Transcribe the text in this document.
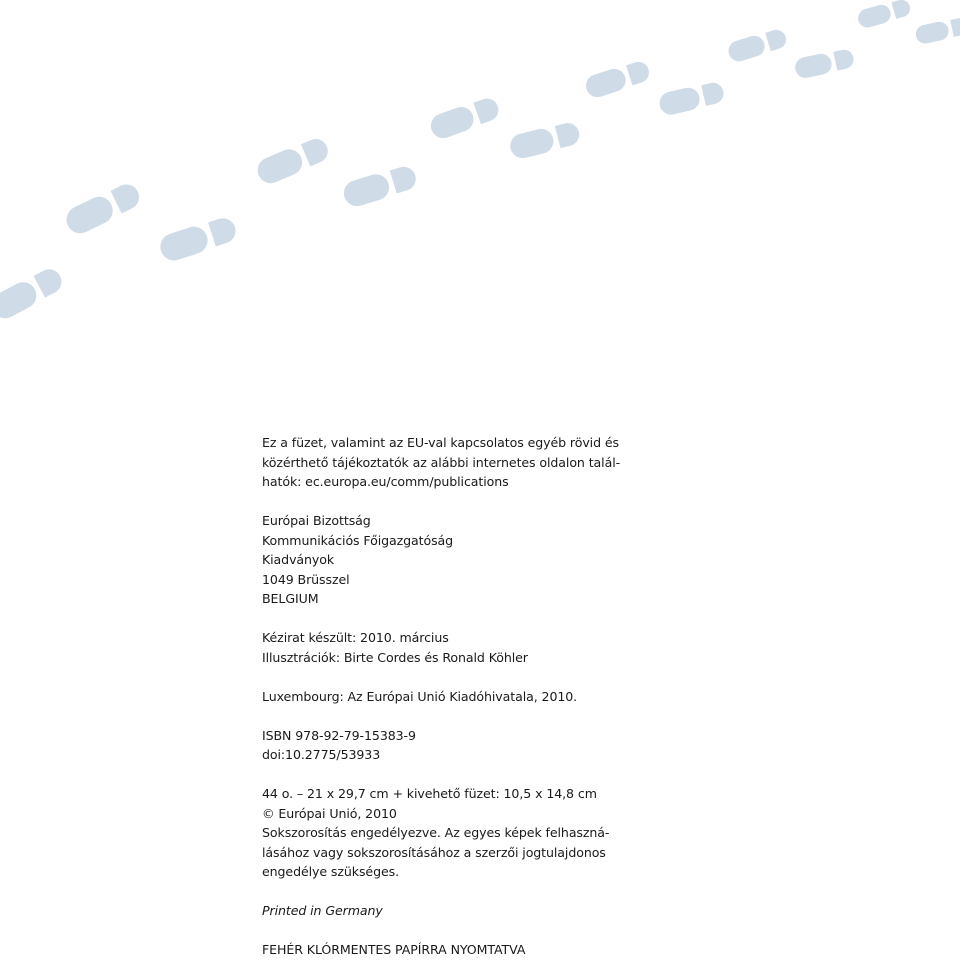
Ez a füzet, valamint az EU-val kapcsolatos egyéb rövid és

közérthető tájékoztatók az alábbi internetes oldalon talál-

hatók: ec.europa.eu/comm/publications

Európai Bizottság

Kommunikációs Főigazgatóság

Kiadványok

1049 Brüsszel

BELGIUM

Kézirat készült: 2010. március

Illusztrációk: Birte Cordes és Ronald Köhler

Luxembourg: Az Európai Unió Kiadóhivatala, 2010.

ISBN 978-92-79-15383-9

doi:10.2775/53933

44 o. – 21 x 29,7 cm + kivehető füzet: 10,5 x 14,8 cm

© Európai Unió, 2010

Sokszorosítás engedélyezve. Az egyes képek felhaszná-

lásához vagy sokszorosításához a szerzői jogtulajdonos

engedélye szükséges.

Printed in Germany

FEHÉR KLÓRMENTES PAPÍRRA NYOMTATVA
